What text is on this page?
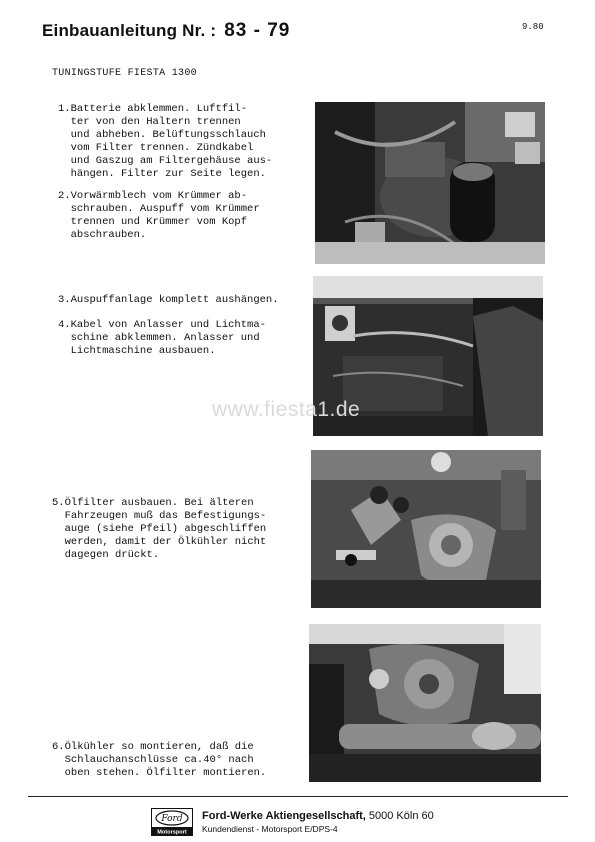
Einbauanleitung Nr. : 83 - 79	9.80
TUNINGSTUFE FIESTA 1300
1.Batterie abklemmen. Luftfil-
ter von den Haltern trennen
und abheben. Belüftungsschlauch
vom Filter trennen. Zündkabel
und Gaszug am Filtergehäuse aus-
hängen. Filter zur Seite legen.
2.Vorwärmblech vom Krümmer ab-
schrauben. Auspuff vom Krümmer
trennen und Krümmer vom Kopf
abschrauben.
3.Auspuffanlage komplett aushängen.
4.Kabel von Anlasser und Lichtma-
schine abklemmen. Anlasser und
Lichtmaschine ausbauen.
5.Ölfilter ausbauen. Bei älteren
Fahrzeugen muß das Befestigungs-
auge (siehe Pfeil) abgeschliffen
werden, damit der Ölkühler nicht
dagegen drückt.
6.Ölkühler so montieren, daß die
Schlauchanschlüsse ca.40° nach
oben stehen. Ölfilter montieren.
www.fiesta1.de
Ford
Motorsport
Ford-Werke Aktiengesellschaft, 5000 Köln 60
Kundendienst - Motorsport E/DPS-4
